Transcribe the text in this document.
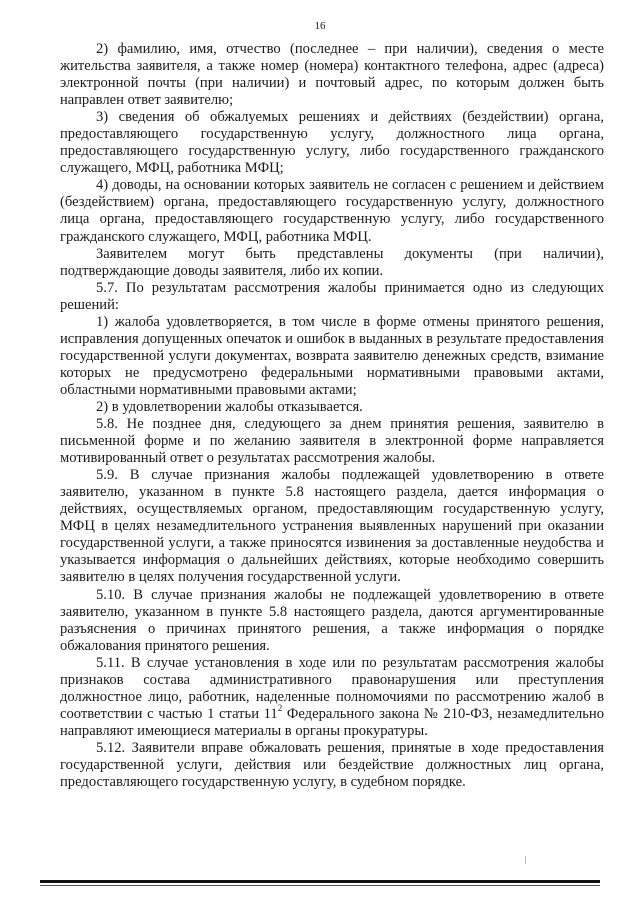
16

2) фамилию, имя, отчество (последнее – при наличии), сведения о месте жительства заявителя, а также номер (номера) контактного телефона, адрес (адреса) электронной почты (при наличии) и почтовый адрес, по которым должен быть направлен ответ заявителю;

3) сведения об обжалуемых решениях и действиях (бездействии) органа, предоставляющего государственную услугу, должностного лица органа, предоставляющего государственную услугу, либо государственного гражданского служащего, МФЦ, работника МФЦ;

4) доводы, на основании которых заявитель не согласен с решением и действием (бездействием) органа, предоставляющего государственную услугу, должностного лица органа, предоставляющего государственную услугу, либо государственного гражданского служащего, МФЦ, работника МФЦ.

Заявителем могут быть представлены документы (при наличии), подтверждающие доводы заявителя, либо их копии.

5.7. По результатам рассмотрения жалобы принимается одно из следующих решений:

1) жалоба удовлетворяется, в том числе в форме отмены принятого решения, исправления допущенных опечаток и ошибок в выданных в результате предоставления государственной услуги документах, возврата заявителю денежных средств, взимание которых не предусмотрено федеральными нормативными правовыми актами, областными нормативными правовыми актами;

2) в удовлетворении жалобы отказывается.

5.8. Не позднее дня, следующего за днем принятия решения, заявителю в письменной форме и по желанию заявителя в электронной форме направляется мотивированный ответ о результатах рассмотрения жалобы.

5.9. В случае признания жалобы подлежащей удовлетворению в ответе заявителю, указанном в пункте 5.8 настоящего раздела, дается информация о действиях, осуществляемых органом, предоставляющим государственную услугу, МФЦ в целях незамедлительного устранения выявленных нарушений при оказании государственной услуги, а также приносятся извинения за доставленные неудобства и указывается информация о дальнейших действиях, которые необходимо совершить заявителю в целях получения государственной услуги.

5.10. В случае признания жалобы не подлежащей удовлетворению в ответе заявителю, указанном в пункте 5.8 настоящего раздела, даются аргументированные разъяснения о причинах принятого решения, а также информация о порядке обжалования принятого решения.

5.11. В случае установления в ходе или по результатам рассмотрения жалобы признаков состава административного правонарушения или преступления должностное лицо, работник, наделенные полномочиями по рассмотрению жалоб в соответствии с частью 1 статьи $11^2$ Федерального закона № 210-ФЗ, незамедлительно направляют имеющиеся материалы в органы прокуратуры.

5.12. Заявители вправе обжаловать решения, принятые в ходе предоставления государственной услуги, действия или бездействие должностных лиц органа, предоставляющего государственную услугу, в судебном порядке.
